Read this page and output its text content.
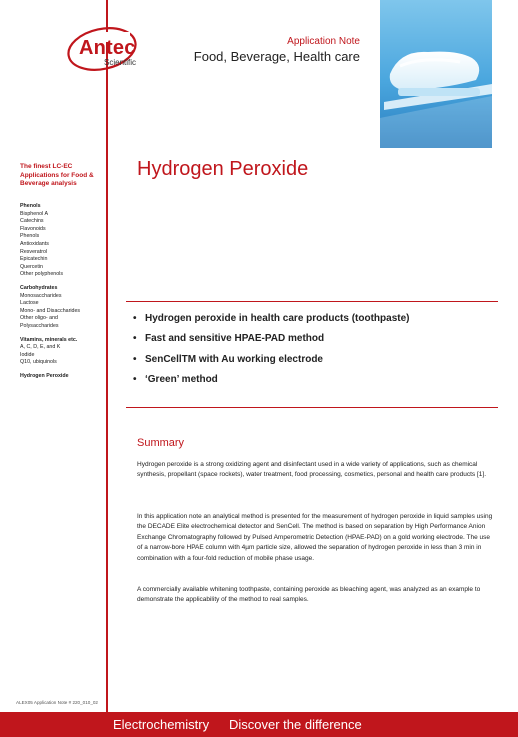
Antec
Scientific
Application Note
Food, Beverage, Health care
The finest LC-EC Applications for Food & Beverage analysis
Phenols
Bisphenol A
Catechins
Flavonoids
Phenols
Antioxidants
Resveratrol
Epicatechin
Quercetin
Other polyphenols
Carbohydrates
Monosaccharides
Lactose
Mono- and Disaccharides
Other oligo- and
Polysaccharides
Vitamins, minerals etc.
A, C, D, E, and K
Iodide
Q10, ubiquinols
Hydrogen Peroxide
Hydrogen Peroxide
• Hydrogen peroxide in health care products (toothpaste)
• Fast and sensitive HPAE-PAD method
• SenCellTM with Au working electrode
• ‘Green’ method
Summary

Hydrogen peroxide is a strong oxidizing agent and disinfectant used in a wide variety of applications, such as chemical synthesis, propellant (space rockets), water treatment, food processing, cosmetics, personal and health care products [1].

In this application note an analytical method is presented for the measurement of hydrogen peroxide in liquid samples using the DECADE Elite electrochemical detector and SenCell. The method is based on separation by High Performance Anion Exchange Chromatography followed by Pulsed Amperometric Detection (HPAE-PAD) on a gold working electrode. The use of a narrow-bore HPAE column with 4µm particle size, allowed the separation of hydrogen peroxide in less than 3 min in combination with a four-fold reduction of mobile phase usage.

A commercially available whitening toothpaste, containing peroxide as bleaching agent, was analyzed as an example to demonstrate the applicability of the method to real samples.

ALEX05 Application Note # 220_010_02
Electrochemistry Discover the difference
